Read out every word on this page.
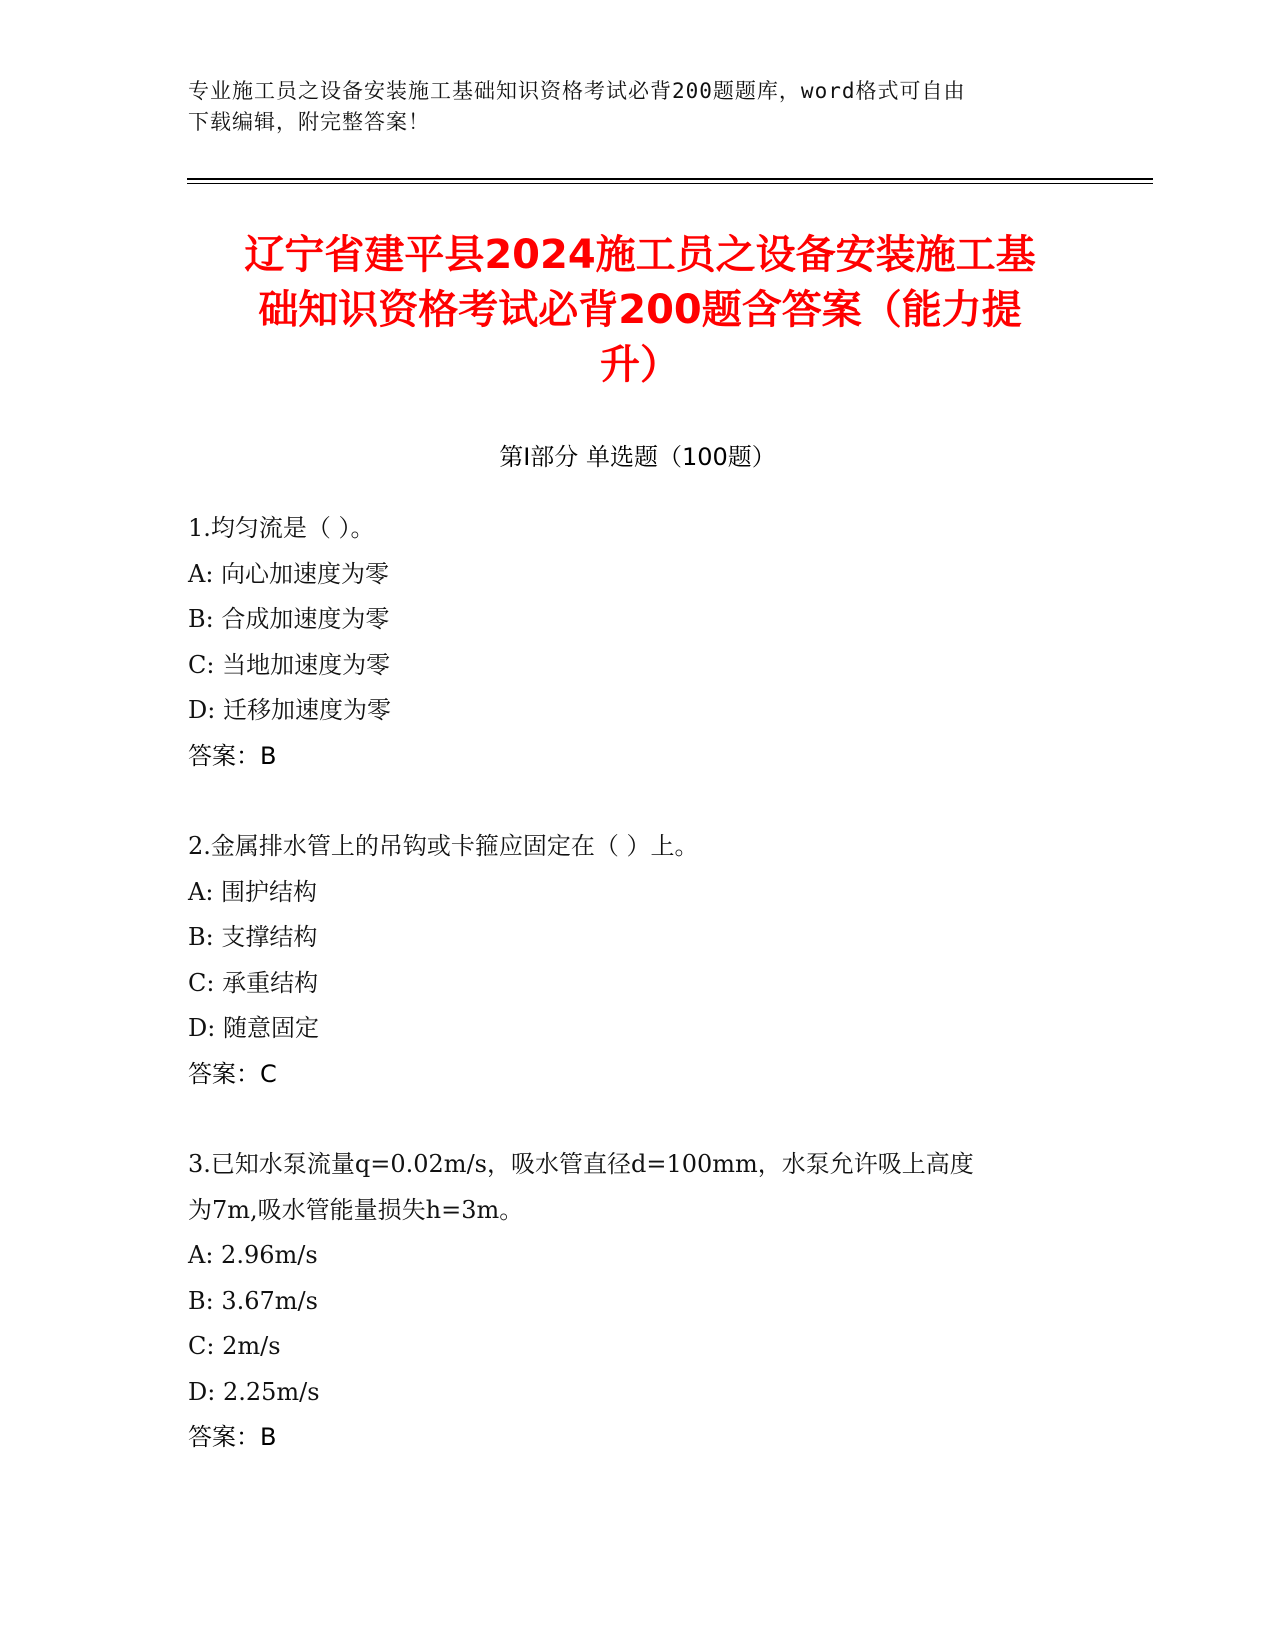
专业施工员之设备安装施工基础知识资格考试必背200题题库，word格式可自由
下载编辑，附完整答案！
辽宁省建平县2024施工员之设备安装施工基
础知识资格考试必背200题含答案（能力提
升）
第Ⅰ部分 单选题（100题）
1.均匀流是（ ）。
A: 向心加速度为零
B: 合成加速度为零
C: 当地加速度为零
D: 迁移加速度为零
答案：B
2.金属排水管上的吊钩或卡箍应固定在（ ）上。
A: 围护结构
B: 支撑结构
C: 承重结构
D: 随意固定
答案：C
3.已知水泵流量q=0.02m/s，吸水管直径d=100mm，水泵允许吸上高度
为7m,吸水管能量损失h=3m。
A: 2.96m/s
B: 3.67m/s
C: 2m/s
D: 2.25m/s
答案：B
